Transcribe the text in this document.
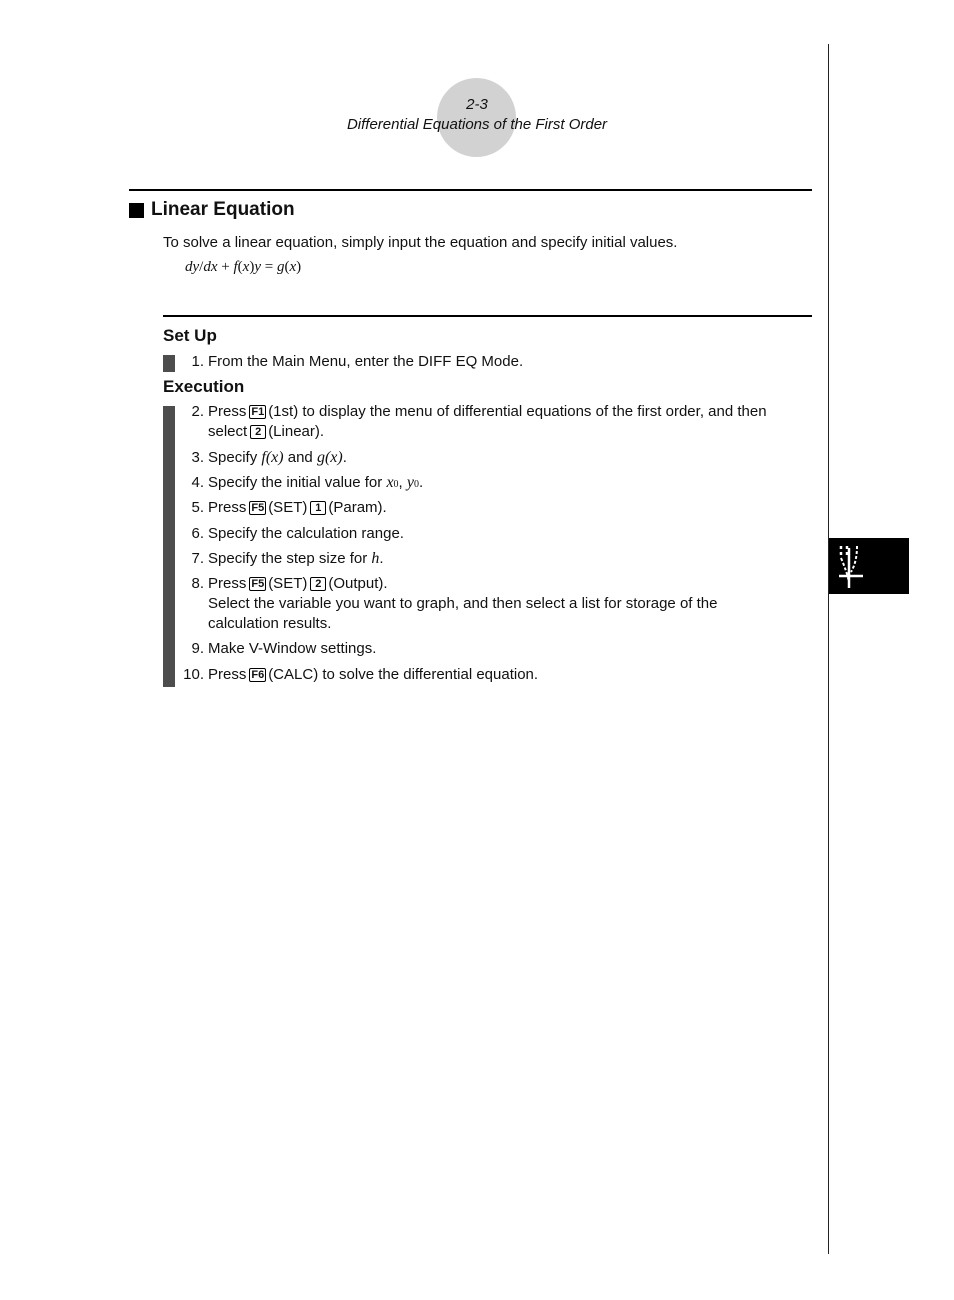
2-3
Differential Equations of the First Order
Linear Equation
To solve a linear equation, simply input the equation and specify initial values.
dy/dx + f(x)y = g(x)
Set Up
1. From the Main Menu, enter the DIFF EQ Mode.
Execution
2. Press F1 (1st) to display the menu of differential equations of the first order, and then
select 2 (Linear).
3. Specify f(x) and g(x).
4. Specify the initial value for x0, y0.
5. Press F5 (SET) 1 (Param).
6. Specify the calculation range.
7. Specify the step size for h.
8. Press F5 (SET) 2 (Output).
Select the variable you want to graph, and then select a list for storage of the
calculation results.
9. Make V-Window settings.
10. Press F6 (CALC) to solve the differential equation.
